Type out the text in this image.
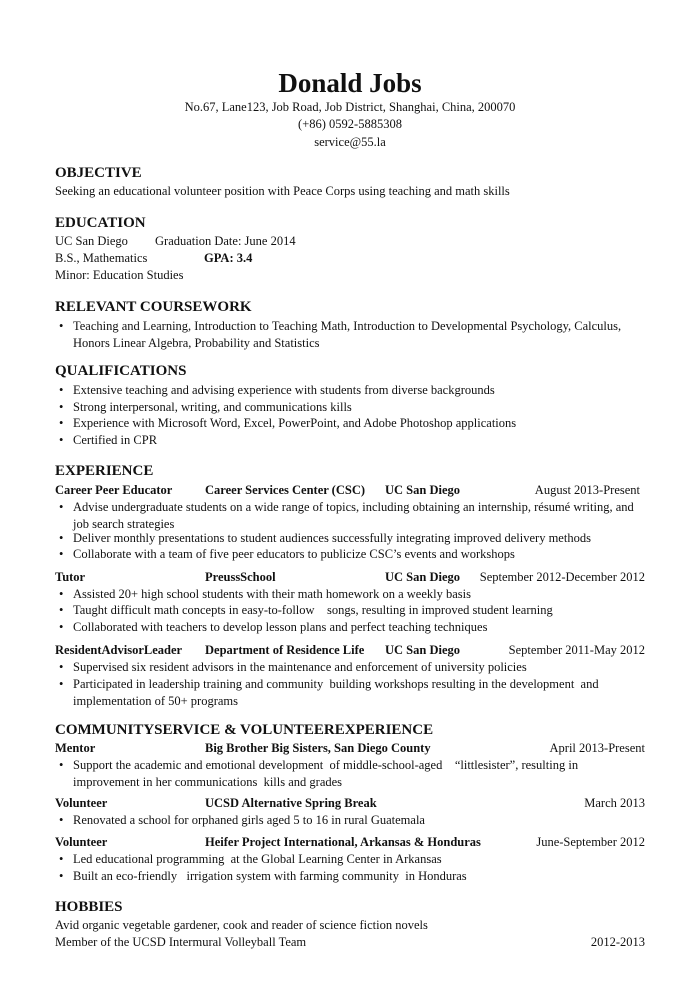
Donald Jobs
No.67, Lane123, Job Road, Job District, Shanghai, China, 200070
(+86) 0592-5885308
service@55.la
OBJECTIVE
Seeking an educational volunteer position with Peace Corps using teaching and math skills
EDUCATION
UC San Diego Graduation Date: June 2014
B.S., Mathematics	GPA: 3.4
Minor: Education Studies
RELEVANT COURSEWORK
• Teaching and Learning, Introduction to Teaching Math, Introduction to Developmental Psychology, Calculus, Honors Linear Algebra, Probability and Statistics
QUALIFICATIONS
• Extensive teaching and advising experience with students from diverse backgrounds
• Strong interpersonal, writing, and communications kills
• Experience with Microsoft Word, Excel, PowerPoint, and Adobe Photoshop applications
• Certified in CPR
EXPERIENCE
Career Peer Educator	Career Services Center (CSC) UC San Diego	August 2013-Present
• Advise undergraduate students on a wide range of topics, including obtaining an internship, résumé writing, and job search strategies
• Deliver monthly presentations to student audiences successfully integrating improved delivery methods
• Collaborate with a team of five peer educators to publicize CSC’s events and workshops
Tutor	PreussSchool	UC San Diego September 2012-December 2012
• Assisted 20+ high school students with their math homework on a weekly basis
• Taught difficult math concepts in easy-to-follow    songs, resulting in improved student learning
• Collaborated with teachers to develop lesson plans and perfect teaching techniques
ResidentAdvisorLeader Department of Residence Life UC San Diego	September 2011-May 2012
• Supervised six resident advisors in the maintenance and enforcement of university policies
• Participated in leadership training and community  building workshops resulting in the development  and implementation of 50+ programs
COMMUNITYSERVICE & VOLUNTEEREXPERIENCE
Mentor	Big Brother Big Sisters, San Diego County	April 2013-Present
• Support the academic and emotional development  of middle-school-aged    “littlesister”, resulting in improvement in her communications  kills and grades
Volunteer	UCSD Alternative Spring Break	March 2013
• Renovated a school for orphaned girls aged 5 to 16 in rural Guatemala
Volunteer	Heifer Project International, Arkansas & Honduras	June-September 2012
• Led educational programming  at the Global Learning Center in Arkansas
• Built an eco-friendly   irrigation system with farming community  in Honduras
HOBBIES
Avid organic vegetable gardener, cook and reader of science fiction novels
Member of the UCSD Intermural Volleyball Team	2012-2013
